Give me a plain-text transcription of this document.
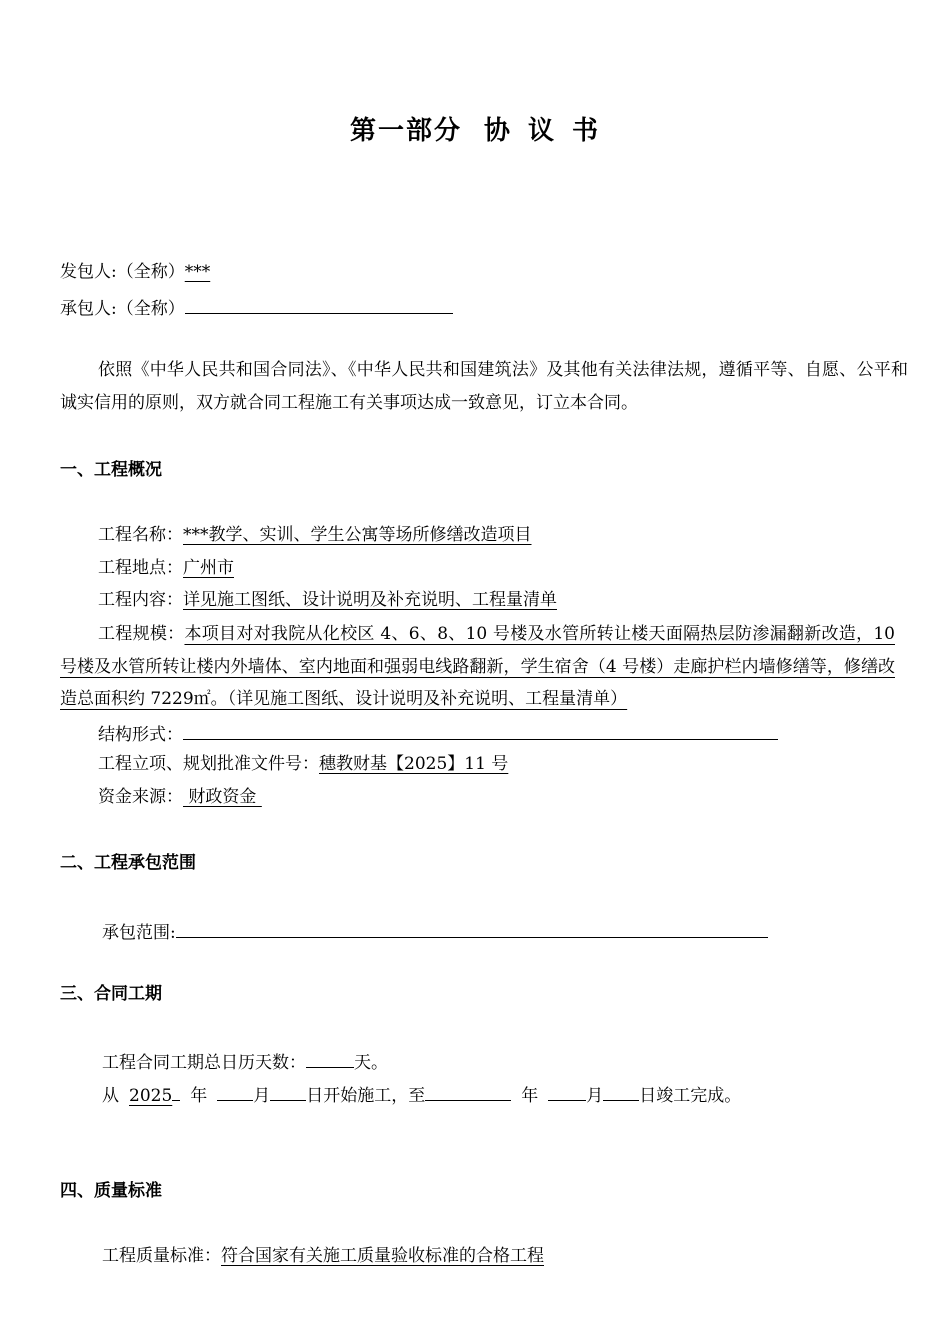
第一部分 协 议 书
发包人:（全称）***
承包人:（全称）
依照《中华人民共和国合同法》、《中华人民共和国建筑法》及其他有关法律法规，遵循平等、自愿、公平和诚实信用的原则，双方就合同工程施工有关事项达成一致意见，订立本合同。
一、工程概况
工程名称：***教学、实训、学生公寓等场所修缮改造项目
工程地点：广州市
工程内容：详见施工图纸、设计说明及补充说明、工程量清单
工程规模：本项目对对我院从化校区 4、6、8、10 号楼及水管所转让楼天面隔热层防渗漏翻新改造，10 号楼及水管所转让楼内外墙体、室内地面和强弱电线路翻新，学生宿舍（4 号楼）走廊护栏内墙修缮等，修缮改造总面积约 7229㎡。（详见施工图纸、设计说明及补充说明、工程量清单）
结构形式：
工程立项、规划批准文件号：穗教财基【2025】11 号
资金来源： 财政资金
二、工程承包范围
承包范围:
三、合同工期
工程合同工期总日历天数：	天。
从 2025 年	月 日开始施工，至	年	月 日竣工完成。
四、质量标准
工程质量标准：符合国家有关施工质量验收标准的合格工程
